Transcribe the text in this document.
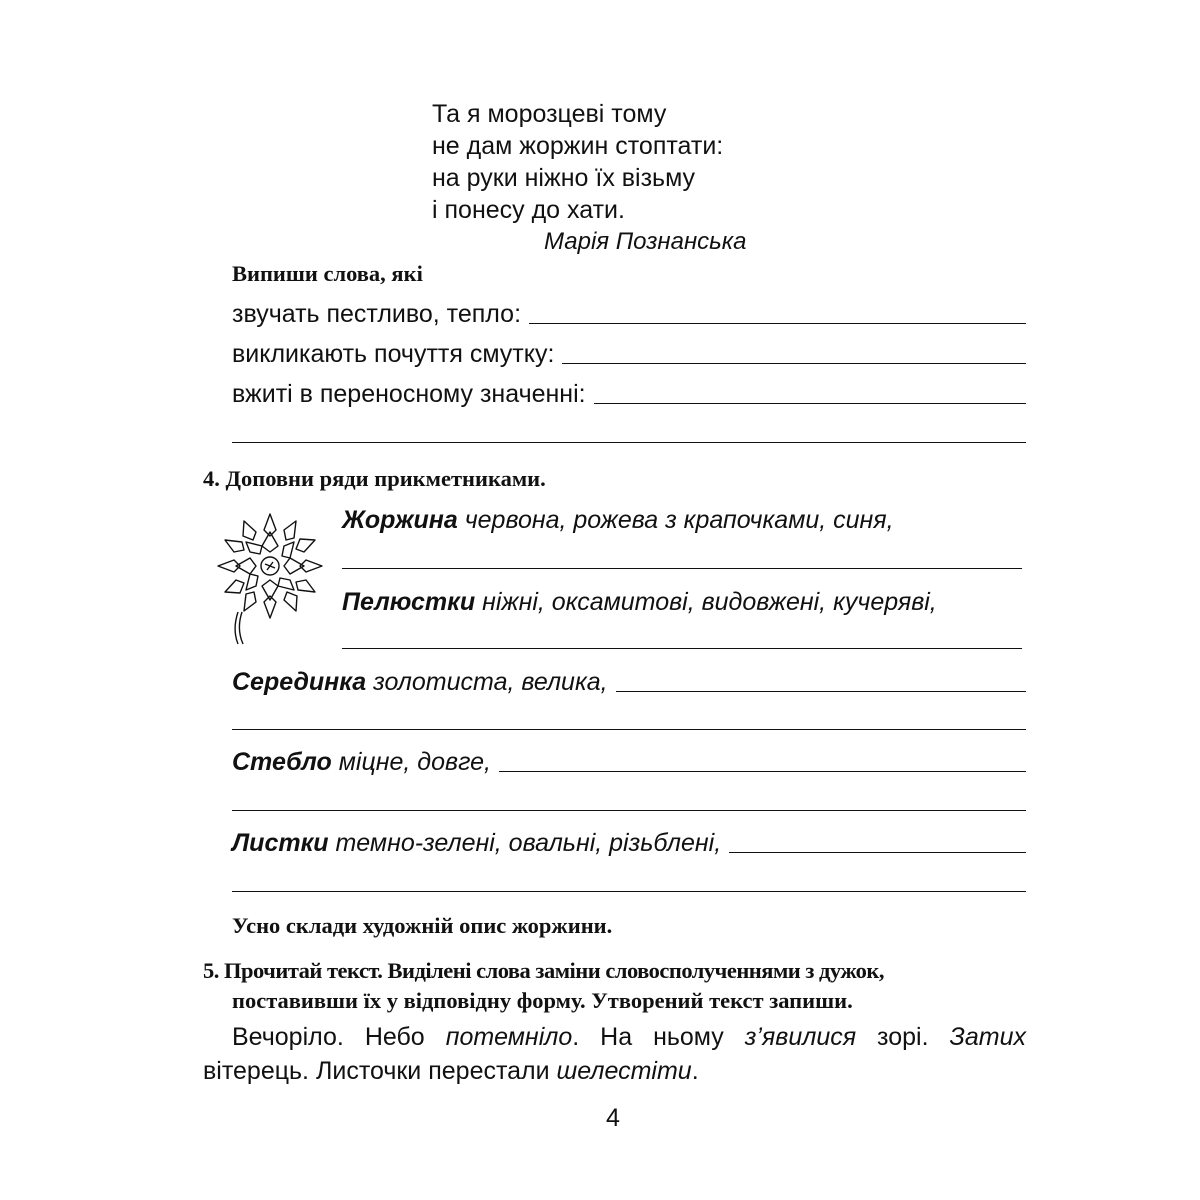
Та я морозцеві тому
не дам жоржин стоптати:
на руки ніжно їх візьму
і понесу до хати.
Марія Познанська
Випиши слова, які
звучать пестливо, тепло:
викликають почуття смутку:
вжиті в переносному значенні:
4. Доповни ряди прикметниками.
Жоржина червона, рожева з крапочками, синя,
Пелюстки ніжні, оксамитові, видовжені, кучеряві,
Серединка золотиста, велика,
Стебло міцне, довге,
Листки темно-зелені, овальні, різьблені,
Усно склади художній опис жоржини.
5. Прочитай текст. Виділені слова заміни словосполученнями з дужок,
поставивши їх у відповідну форму. Утворений текст запиши.
Вечоріло. Небо потемніло. На ньому з’явилися зорі. Затих
вітерець. Листочки перестали шелестіти.
4
